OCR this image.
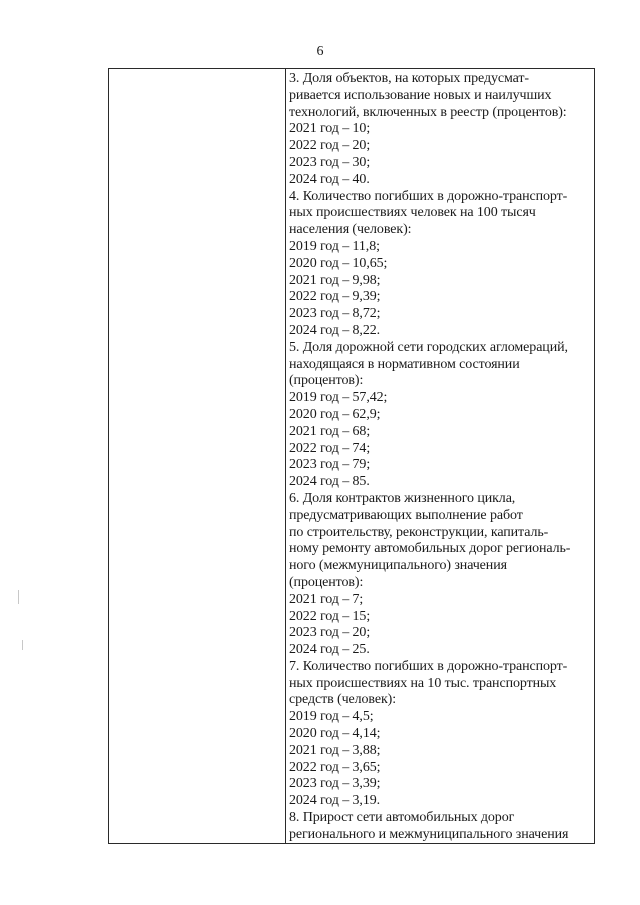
6
3. Доля объектов, на которых предусмат-
ривается использование новых и наилучших
технологий, включенных в реестр (процентов):
2021 год – 10;
2022 год – 20;
2023 год – 30;
2024 год – 40.
4. Количество погибших в дорожно-транспорт-
ных происшествиях человек на 100 тысяч
населения (человек):
2019 год – 11,8;
2020 год – 10,65;
2021 год – 9,98;
2022 год – 9,39;
2023 год – 8,72;
2024 год – 8,22.
5. Доля дорожной сети городских агломераций,
находящаяся в нормативном состоянии
(процентов):
2019 год – 57,42;
2020 год – 62,9;
2021 год – 68;
2022 год – 74;
2023 год – 79;
2024 год – 85.
6. Доля контрактов жизненного цикла,
предусматривающих выполнение работ
по строительству, реконструкции, капиталь-
ному ремонту автомобильных дорог региональ-
ного (межмуниципального) значения
(процентов):
2021 год – 7;
2022 год – 15;
2023 год – 20;
2024 год – 25.
7. Количество погибших в дорожно-транспорт-
ных происшествиях на 10 тыс. транспортных
средств (человек):
2019 год – 4,5;
2020 год – 4,14;
2021 год – 3,88;
2022 год – 3,65;
2023 год – 3,39;
2024 год – 3,19.
8. Прирост сети автомобильных дорог
регионального и межмуниципального значения
